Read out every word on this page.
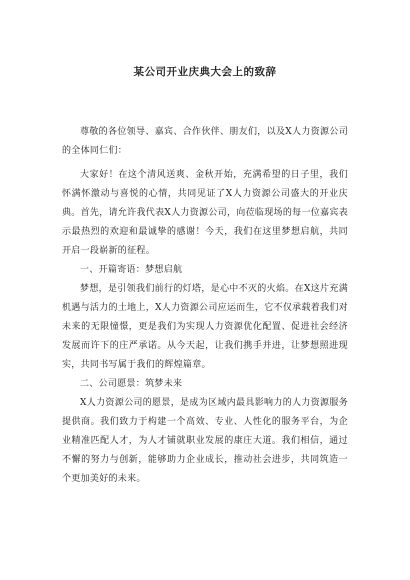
某公司开业庆典大会上的致辞

尊敬的各位领导、嘉宾、合作伙伴、朋友们，以及X人力资源公司的全体同仁们：

大家好！在这个清风送爽、金秋开始，充满希望的日子里，我们怀满怀激动与喜悦的心情，共同见证了X人力资源公司盛大的开业庆典。首先，请允许我代表X人力资源公司，向莅临现场的每一位嘉宾表示最热烈的欢迎和最诚挚的感谢！今天，我们在这里梦想启航，共同开启一段崭新的征程。

一、开篇寄语：梦想启航

梦想，是引领我们前行的灯塔，是心中不灭的火焰。在X这片充满机遇与活力的土地上，X人力资源公司应运而生，它不仅承载着我们对未来的无限憧憬，更是我们为实现人力资源优化配置、促进社会经济发展而许下的庄严承诺。从今天起，让我们携手并进，让梦想照进现实，共同书写属于我们的辉煌篇章。

二、公司愿景：筑梦未来

X人力资源公司的愿景，是成为区域内最具影响力的人力资源服务提供商。我们致力于构建一个高效、专业、人性化的服务平台，为企业精准匹配人才，为人才铺就职业发展的康庄大道。我们相信，通过不懈的努力与创新，能够助力企业成长，推动社会进步，共同筑造一个更加美好的未来。
